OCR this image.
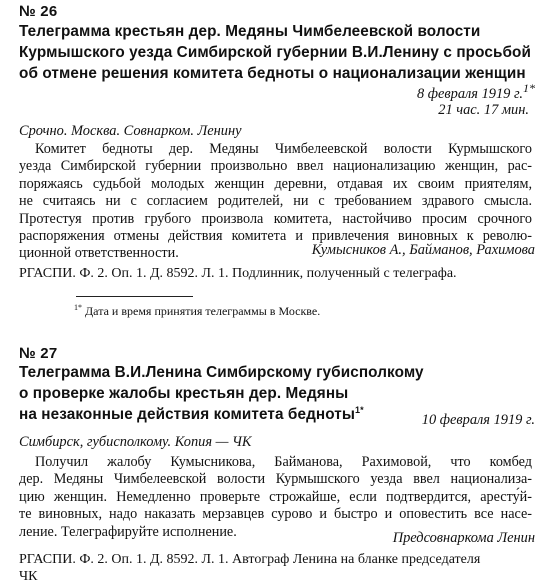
№ 26
Телеграмма крестьян дер. Медяны Чимбелеевской волости
Курмышского уезда Симбирской губернии В.И.Ленину с просьбой
об отмене решения комитета бедноты о национализации женщин
8 февраля 1919 г.$^{1*}$
21 час. 17 мин.
Срочно. Москва. Совнарком. Ленину
Комитет бедноты дер. Медяны Чимбелеевской волости Курмышского
уезда Симбирской губернии произвольно ввел национализацию женщин, рас-
поряжаясь судьбой молодых женщин деревни, отдавая их своим приятелям,
не считаясь ни с согласием родителей, ни с требованием здравого смысла.
Протестуя против грубого произвола комитета, настойчиво просим срочного
распоряжения отмены действия комитета и привлечения виновных к револю-
ционной ответственности.	Кумысников А., Байманов, Рахимова
РГАСПИ. Ф. 2. Оп. 1. Д. 8592. Л. 1. Подлинник, полученный с телеграфа.
$^{1*}$ Дата и время принятия телеграммы в Москве.
№ 27
Телеграмма В.И.Ленина Симбирскому губисполкому
о проверке жалобы крестьян дер. Медяны
на незаконные действия комитета бедноты$^{1*}$
10 февраля 1919 г.
Симбирск, губисполкому. Копия — ЧК
Получил жалобу Кумысникова, Байманова, Рахимовой, что комбед
дер. Медяны Чимбелеевской волости Курмышского уезда ввел национализа-
цию женщин. Немедленно проверьте строжайше, если подтвердится, аресту́й-
те виновных, надо наказать мерзавцев сурово и быстро и оповестить все насе-
ление. Телеграфируйте исполнение.	Предсовнаркома Ленин
РГАСПИ. Ф. 2. Оп. 1. Д. 8592. Л. 1. Автограф Ленина на бланке председателя
ЧК
